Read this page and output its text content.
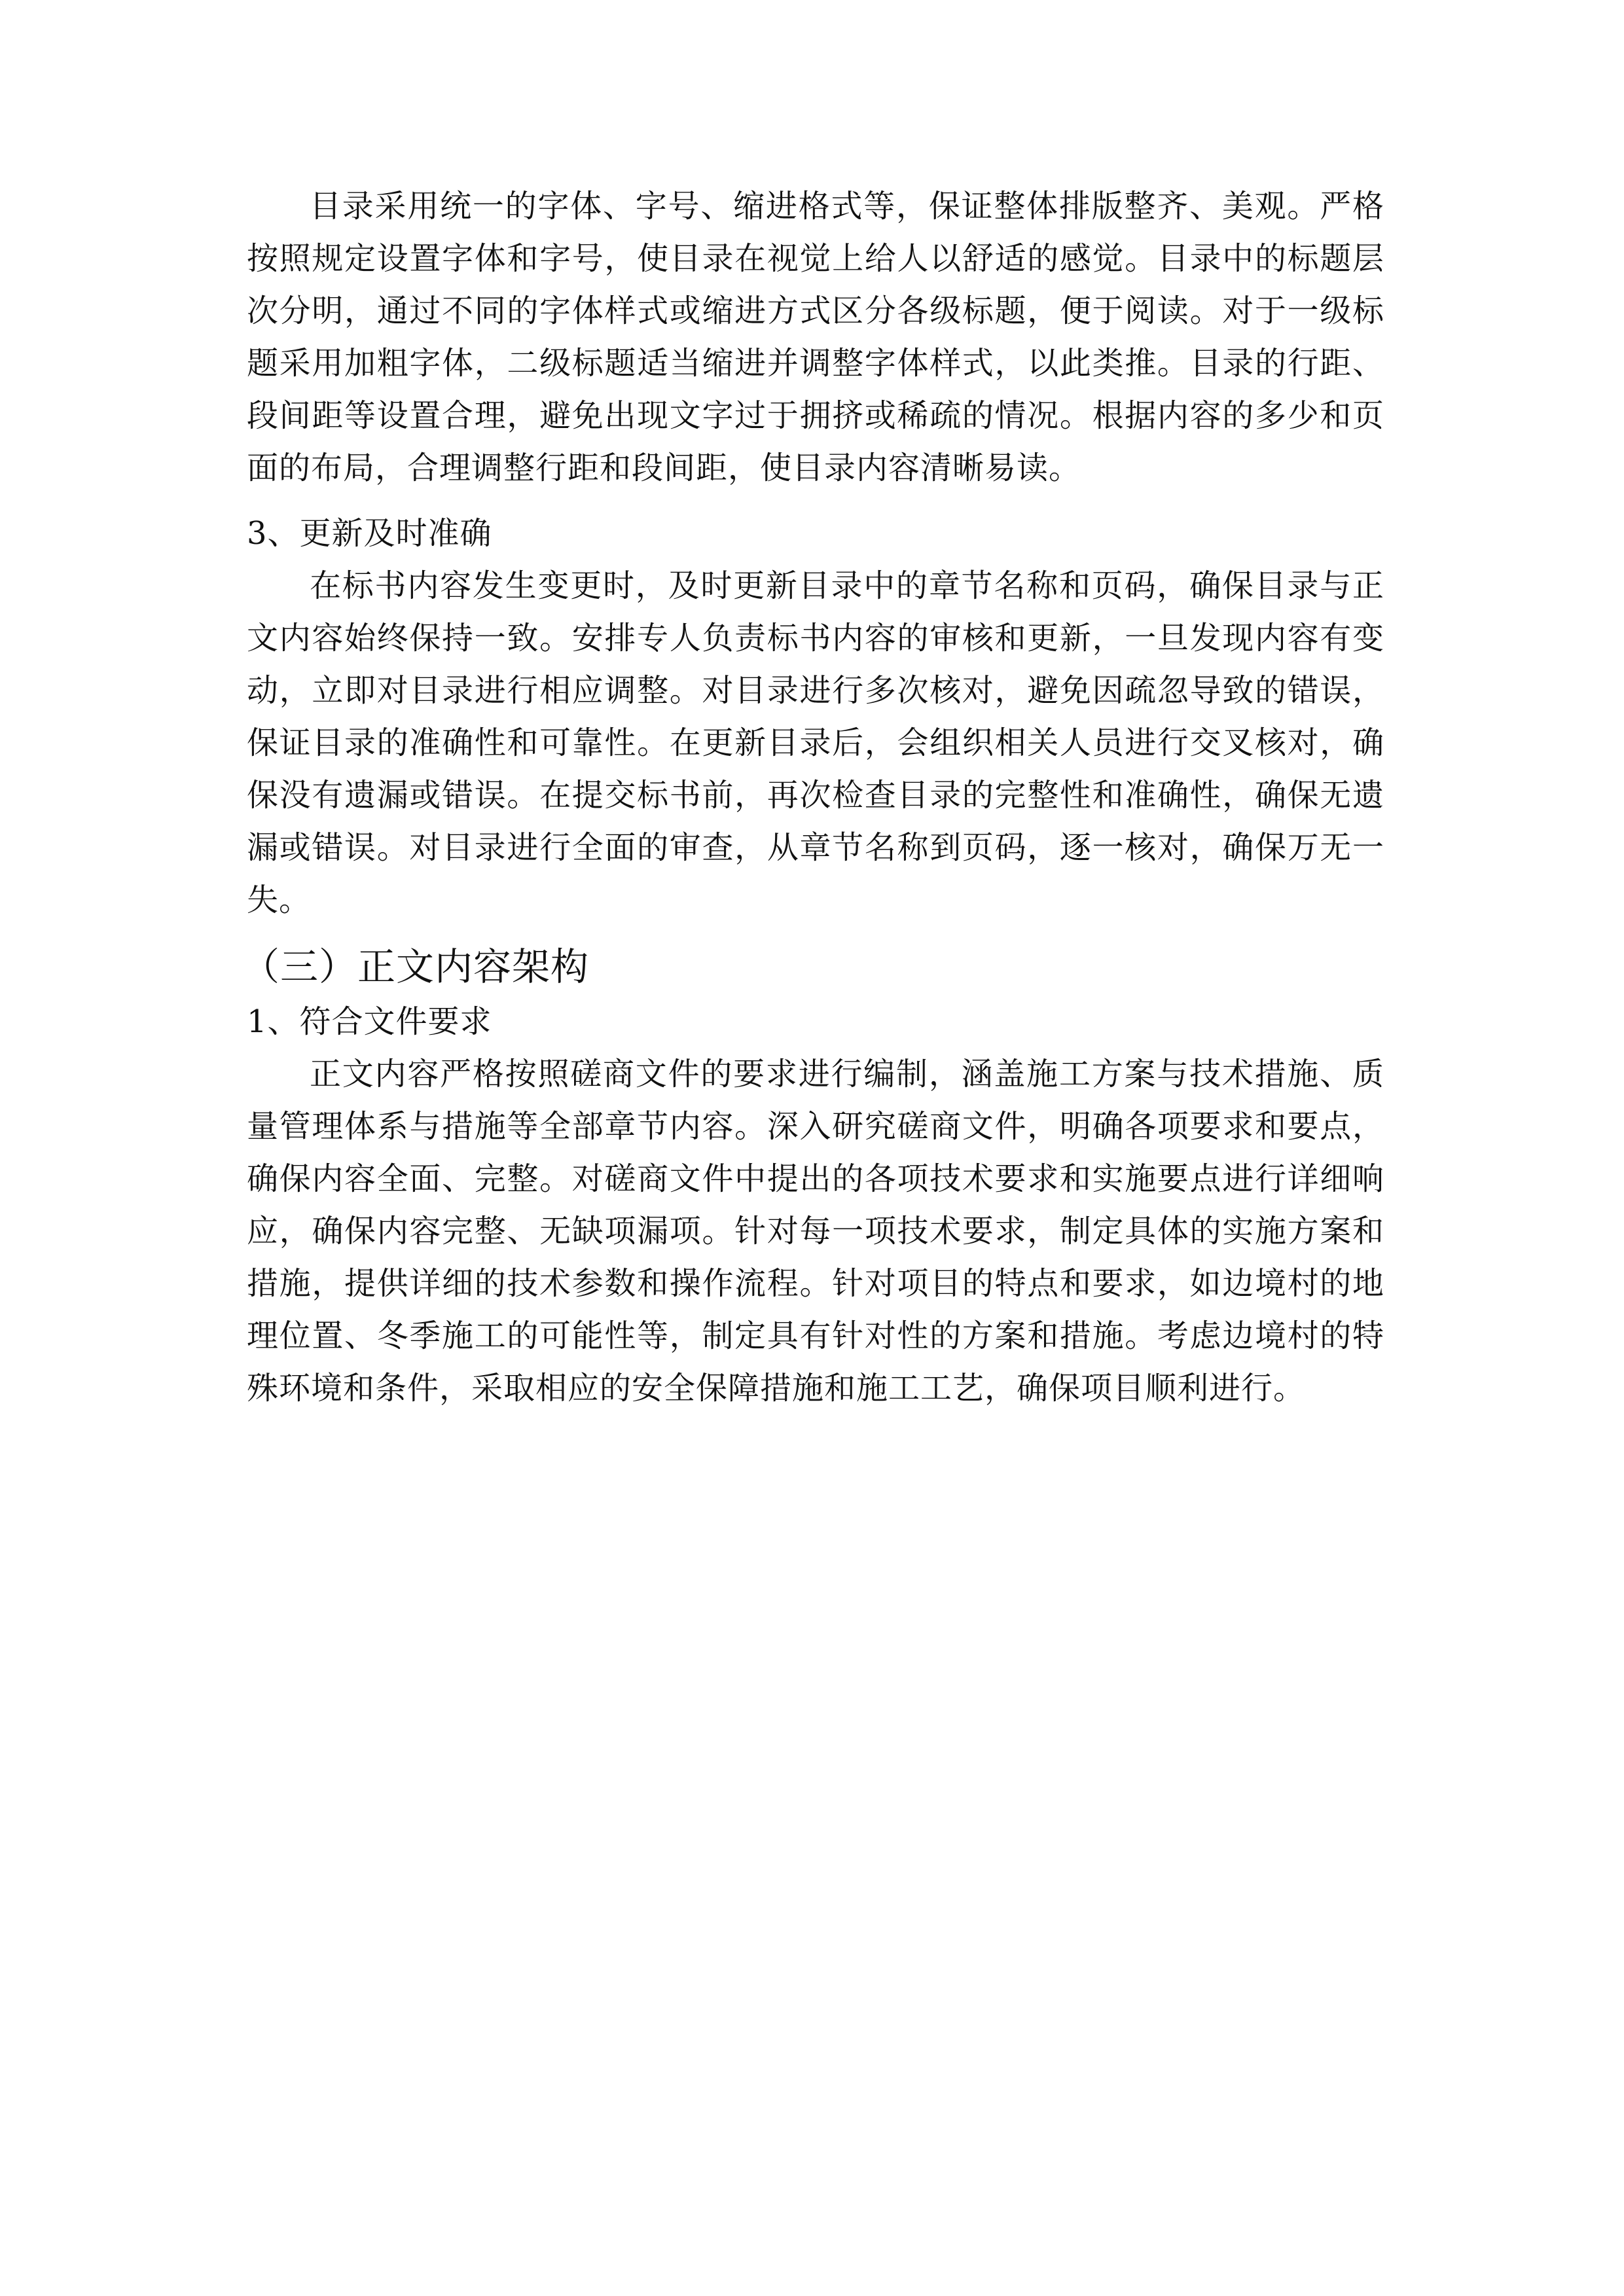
目录采用统一的字体、字号、缩进格式等，保证整体排版整齐、美观。严格按照规定设置字体和字号，使目录在视觉上给人以舒适的感觉。目录中的标题层次分明，通过不同的字体样式或缩进方式区分各级标题，便于阅读。对于一级标题采用加粗字体，二级标题适当缩进并调整字体样式，以此类推。目录的行距、段间距等设置合理，避免出现文字过于拥挤或稀疏的情况。根据内容的多少和页面的布局，合理调整行距和段间距，使目录内容清晰易读。

3、更新及时准确

在标书内容发生变更时，及时更新目录中的章节名称和页码，确保目录与正文内容始终保持一致。安排专人负责标书内容的审核和更新，一旦发现内容有变动，立即对目录进行相应调整。对目录进行多次核对，避免因疏忽导致的错误，保证目录的准确性和可靠性。在更新目录后，会组织相关人员进行交叉核对，确保没有遗漏或错误。在提交标书前，再次检查目录的完整性和准确性，确保无遗漏或错误。对目录进行全面的审查，从章节名称到页码，逐一核对，确保万无一失。

（三）正文内容架构

1、符合文件要求

正文内容严格按照磋商文件的要求进行编制，涵盖施工方案与技术措施、质量管理体系与措施等全部章节内容。深入研究磋商文件，明确各项要求和要点，确保内容全面、完整。对磋商文件中提出的各项技术要求和实施要点进行详细响应，确保内容完整、无缺项漏项。针对每一项技术要求，制定具体的实施方案和措施，提供详细的技术参数和操作流程。针对项目的特点和要求，如边境村的地理位置、冬季施工的可能性等，制定具有针对性的方案和措施。考虑边境村的特殊环境和条件，采取相应的安全保障措施和施工工艺，确保项目顺利进行。
